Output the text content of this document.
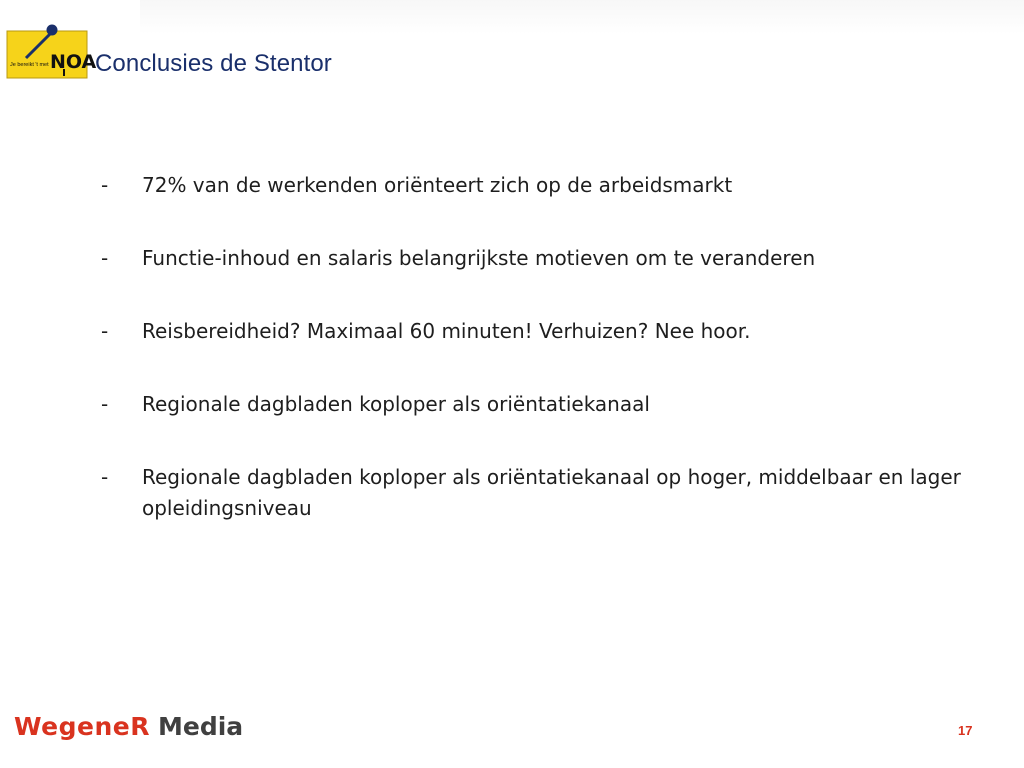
Je bereikt 't met NOA
Conclusies de Stentor
- 72% van de werkenden oriënteert zich op de arbeidsmarkt
- Functie-inhoud en salaris belangrijkste motieven om te veranderen
- Reisbereidheid? Maximaal 60 minuten! Verhuizen? Nee hoor.
- Regionale dagbladen koploper als oriëntatiekanaal
- Regionale dagbladen koploper als oriëntatiekanaal op hoger, middelbaar en lager opleidingsniveau
WegeneR Media	17
